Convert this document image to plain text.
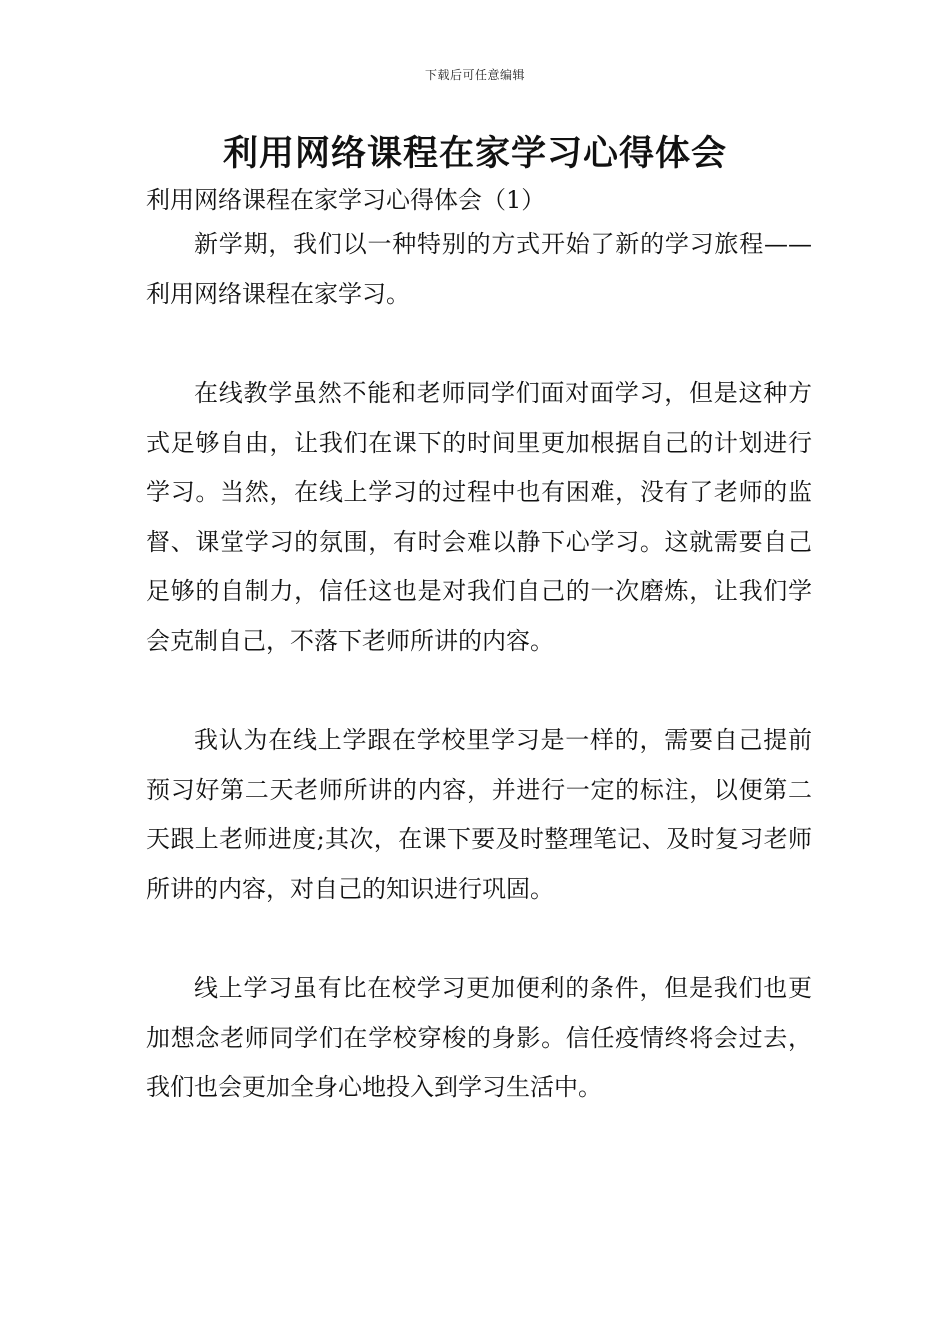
下载后可任意编辑
利用网络课程在家学习心得体会

利用网络课程在家学习心得体会（1）

新学期，我们以一种特别的方式开始了新的学习旅程——利用网络课程在家学习。

在线教学虽然不能和老师同学们面对面学习，但是这种方式足够自由，让我们在课下的时间里更加根据自己的计划进行学习。当然，在线上学习的过程中也有困难，没有了老师的监督、课堂学习的氛围，有时会难以静下心学习。这就需要自己足够的自制力，信任这也是对我们自己的一次磨炼，让我们学会克制自己，不落下老师所讲的内容。

我认为在线上学跟在学校里学习是一样的，需要自己提前预习好第二天老师所讲的内容，并进行一定的标注，以便第二天跟上老师进度;其次，在课下要及时整理笔记、及时复习老师所讲的内容，对自己的知识进行巩固。

线上学习虽有比在校学习更加便利的条件，但是我们也更加想念老师同学们在学校穿梭的身影。信任疫情终将会过去，我们也会更加全身心地投入到学习生活中。
